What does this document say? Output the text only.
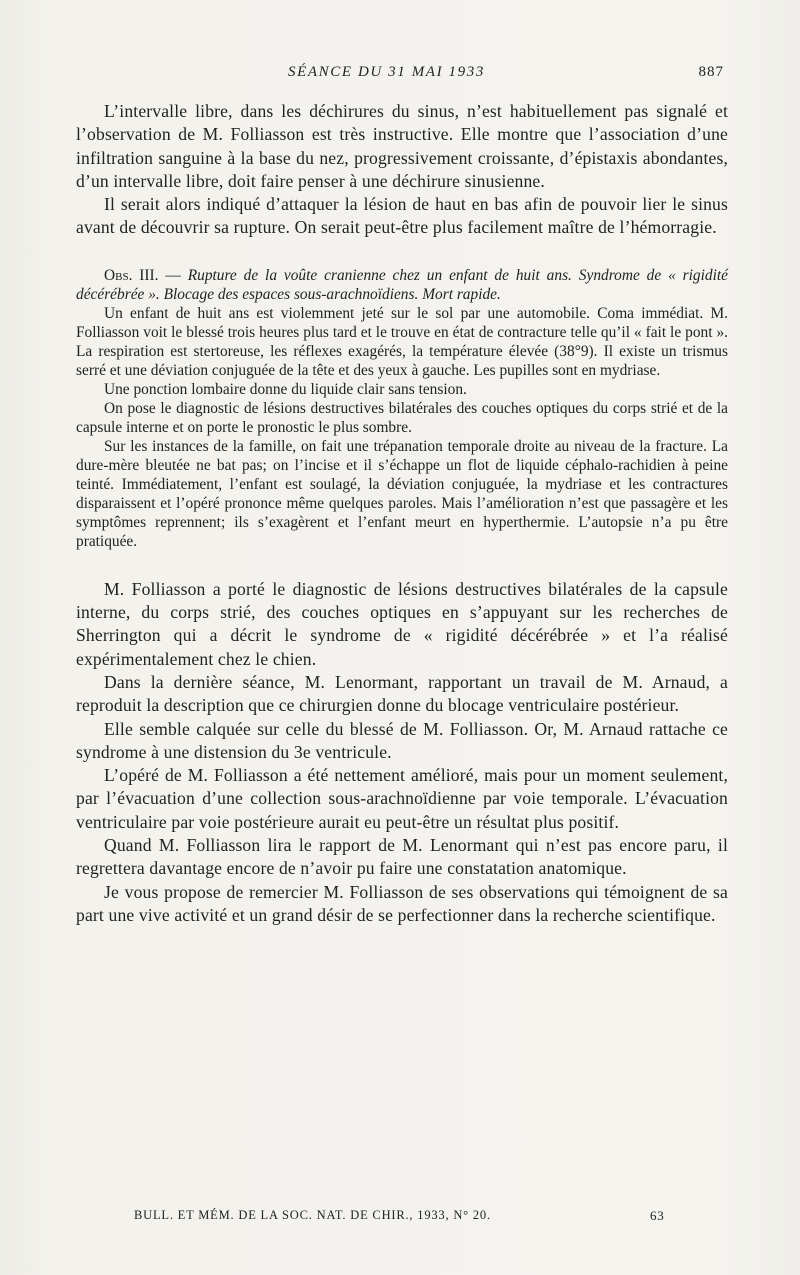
SÉANCE DU 31 MAI 1933	887

L’intervalle libre, dans les déchirures du sinus, n’est habituellement pas signalé et l’observation de M. Folliasson est très instructive. Elle montre que l’association d’une infiltration sanguine à la base du nez, progressivement croissante, d’épistaxis abondantes, d’un intervalle libre, doit faire penser à une déchirure sinusienne.

Il serait alors indiqué d’attaquer la lésion de haut en bas afin de pouvoir lier le sinus avant de découvrir sa rupture. On serait peut-être plus facilement maître de l’hémorragie.

Obs. III. — Rupture de la voûte cranienne chez un enfant de huit ans. Syndrome de « rigidité décérébrée ». Blocage des espaces sous-arachnoïdiens. Mort rapide.

Un enfant de huit ans est violemment jeté sur le sol par une automobile. Coma immédiat. M. Folliasson voit le blessé trois heures plus tard et le trouve en état de contracture telle qu’il « fait le pont ». La respiration est stertoreuse, les réflexes exagérés, la température élevée (38°9). Il existe un trismus serré et une déviation conjuguée de la tête et des yeux à gauche. Les pupilles sont en mydriase.

Une ponction lombaire donne du liquide clair sans tension.

On pose le diagnostic de lésions destructives bilatérales des couches optiques du corps strié et de la capsule interne et on porte le pronostic le plus sombre.

Sur les instances de la famille, on fait une trépanation temporale droite au niveau de la fracture. La dure-mère bleutée ne bat pas; on l’incise et il s’échappe un flot de liquide céphalo-rachidien à peine teinté. Immédiatement, l’enfant est soulagé, la déviation conjuguée, la mydriase et les contractures disparaissent et l’opéré prononce même quelques paroles. Mais l’amélioration n’est que passagère et les symptômes reprennent; ils s’exagèrent et l’enfant meurt en hyperthermie. L’autopsie n’a pu être pratiquée.

M. Folliasson a porté le diagnostic de lésions destructives bilatérales de la capsule interne, du corps strié, des couches optiques en s’appuyant sur les recherches de Sherrington qui a décrit le syndrome de « rigidité décérébrée » et l’a réalisé expérimentalement chez le chien.

Dans la dernière séance, M. Lenormant, rapportant un travail de M. Arnaud, a reproduit la description que ce chirurgien donne du blocage ventriculaire postérieur.

Elle semble calquée sur celle du blessé de M. Folliasson. Or, M. Arnaud rattache ce syndrome à une distension du 3e ventricule.

L’opéré de M. Folliasson a été nettement amélioré, mais pour un moment seulement, par l’évacuation d’une collection sous-arachnoïdienne par voie temporale. L’évacuation ventriculaire par voie postérieure aurait eu peut-être un résultat plus positif.

Quand M. Folliasson lira le rapport de M. Lenormant qui n’est pas encore paru, il regrettera davantage encore de n’avoir pu faire une constatation anatomique.

Je vous propose de remercier M. Folliasson de ses observations qui témoignent de sa part une vive activité et un grand désir de se perfectionner dans la recherche scientifique.

BULL. ET MÉM. DE LA SOC. NAT. DE CHIR., 1933, N° 20.	63
